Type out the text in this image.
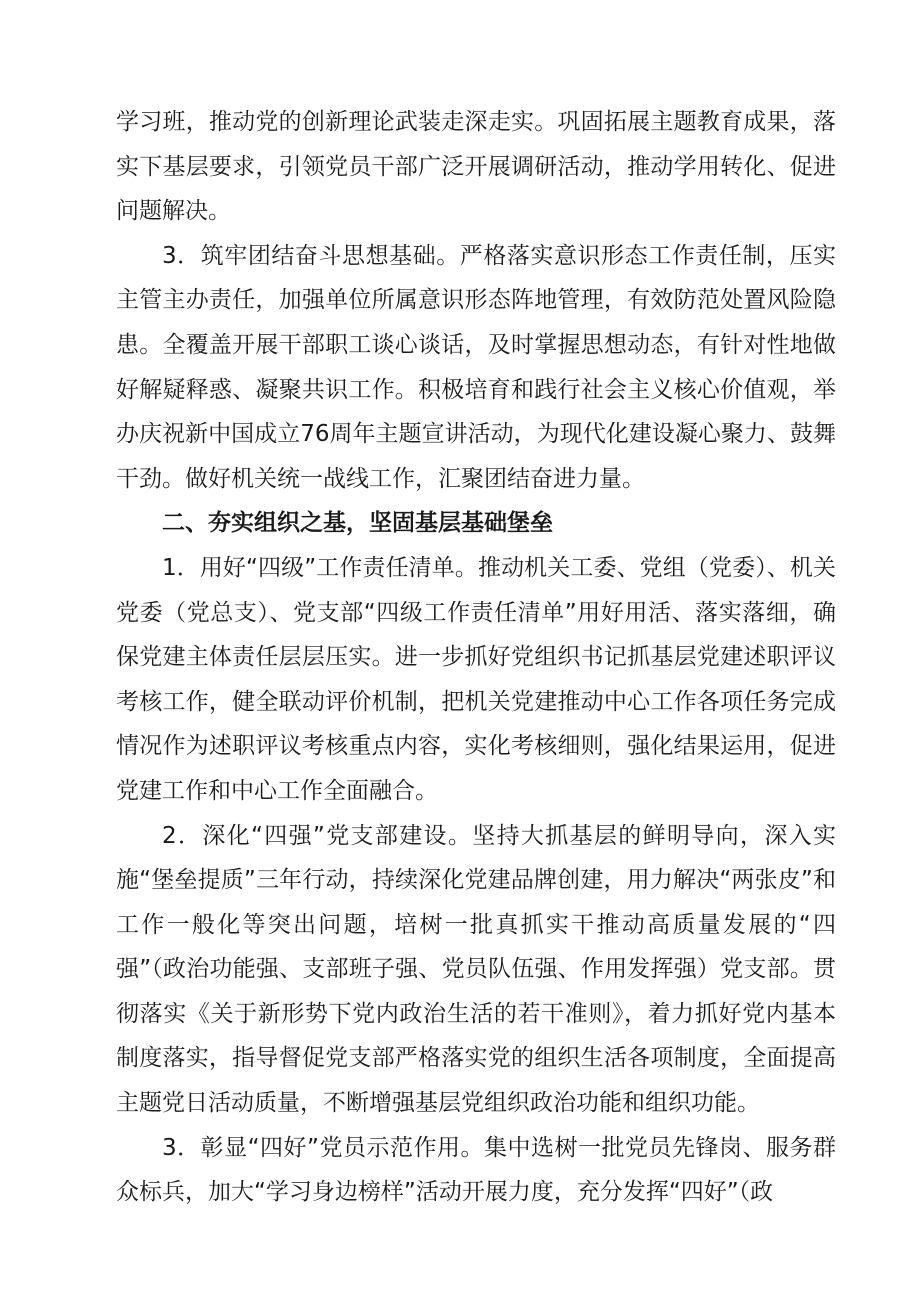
学习班，推动党的创新理论武装走深走实。巩固拓展主题教育成果，落实下基层要求，引领党员干部广泛开展调研活动，推动学用转化、促进问题解决。

3．筑牢团结奋斗思想基础。严格落实意识形态工作责任制，压实主管主办责任，加强单位所属意识形态阵地管理，有效防范处置风险隐患。全覆盖开展干部职工谈心谈话，及时掌握思想动态，有针对性地做好解疑释惑、凝聚共识工作。积极培育和践行社会主义核心价值观，举办庆祝新中国成立76周年主题宣讲活动，为现代化建设凝心聚力、鼓舞干劲。做好机关统一战线工作，汇聚团结奋进力量。

二、夯实组织之基，坚固基层基础堡垒

1．用好“四级”工作责任清单。推动机关工委、党组（党委）、机关党委（党总支）、党支部“四级工作责任清单”用好用活、落实落细，确保党建主体责任层层压实。进一步抓好党组织书记抓基层党建述职评议考核工作，健全联动评价机制，把机关党建推动中心工作各项任务完成情况作为述职评议考核重点内容，实化考核细则，强化结果运用，促进党建工作和中心工作全面融合。

2．深化“四强”党支部建设。坚持大抓基层的鲜明导向，深入实施“堡垒提质”三年行动，持续深化党建品牌创建，用力解决“两张皮”和工作一般化等突出问题，培树一批真抓实干推动高质量发展的“四强”（政治功能强、支部班子强、党员队伍强、作用发挥强）党支部。贯彻落实《关于新形势下党内政治生活的若干准则》，着力抓好党内基本制度落实，指导督促党支部严格落实党的组织生活各项制度，全面提高主题党日活动质量，不断增强基层党组织政治功能和组织功能。

3．彰显“四好”党员示范作用。集中选树一批党员先锋岗、服务群众标兵，加大“学习身边榜样”活动开展力度，充分发挥“四好”（政
